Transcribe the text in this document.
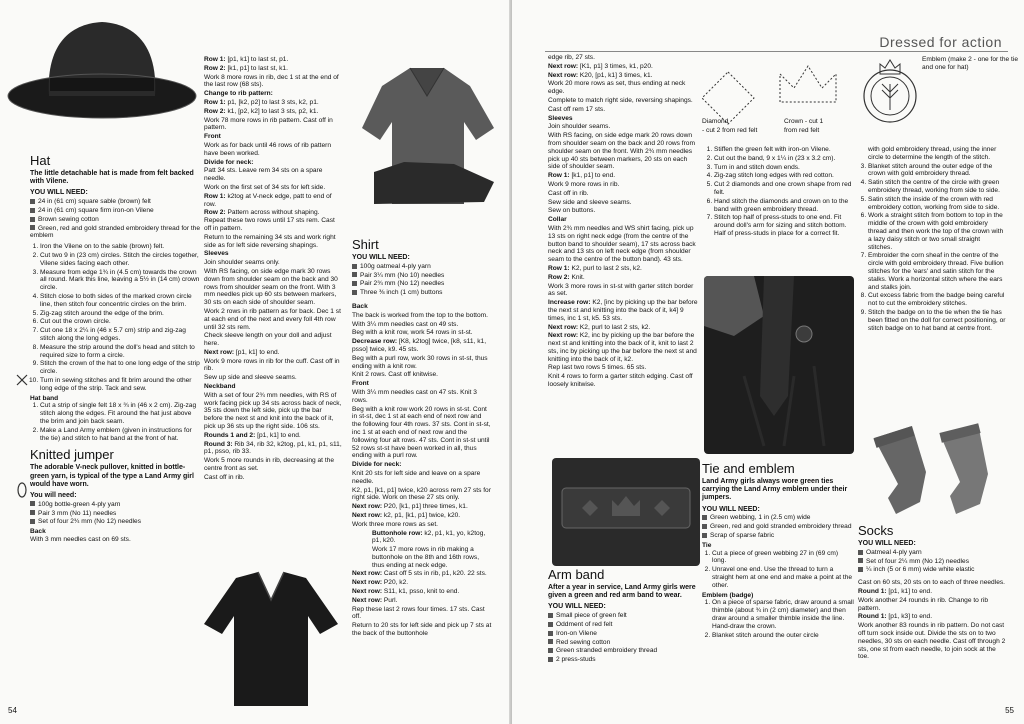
Hat
The little detachable hat is made from felt backed with Vilene.
YOU WILL NEED:

24 in (61 cm) square sable (brown) felt

24 in (61 cm) square firm iron-on Vilene

Brown sewing cotton

Green, red and gold stranded embroidery thread for the emblem

1. Iron the Vilene on to the sable (brown) felt.
2. Cut two 9 in (23 cm) circles. Stitch the circles together, Vilene sides facing each other.
3. Measure from edge 1¾ in (4.5 cm) towards the crown all round. Mark this line, leaving a 5½ in (14 cm) crown circle.
4. Stitch close to both sides of the marked crown circle line, then stitch four concentric circles on the brim.
5. Zig-zag stitch around the edge of the brim.
6. Cut out the crown circle.
7. Cut one 18 x 2¼ in (46 x 5.7 cm) strip and zig-zag stitch along the long edges.
8. Measure the strip around the doll's head and stitch to required size to form a circle.
9. Stitch the crown of the hat to one long edge of the strip circle.
10. Turn in sewing stitches and fit brim around the other long edge of the strip. Tack and sew.
Hat band
1. Cut a strip of single felt 18 x ¾ in (46 x 2 cm). Zig-zag stitch along the edges. Fit around the hat just above the brim and join back seam.
2. Make a Land Army emblem (given in instructions for the tie) and stitch to hat band at the front of hat.
Knitted jumper
The adorable V-neck pullover, knitted in bottle-green yarn, is typical of the type a Land Army girl would have worn.
You will need:

100g bottle-green 4-ply yarn

Pair 3 mm (No 11) needles

Set of four 2¾ mm (No 12) needles

Back

With 3 mm needles cast on 69 sts.

Row 1: [p1, k1] to last st, p1.

Row 2: [k1, p1] to last st, k1.

Work 8 more rows in rib, dec 1 st at the end of the last row (68 sts).

Change to rib pattern:

Row 1: p1, [k2, p2] to last 3 sts, k2, p1.

Row 2: k1, [p2, k2] to last 3 sts, p2, k1.

Work 78 more rows in rib pattern. Cast off in pattern.

Front

Work as for back until 46 rows of rib pattern have been worked.

Divide for neck:

Patt 34 sts. Leave rem 34 sts on a spare needle.

Work on the first set of 34 sts for left side.

Row 1: k2tog at V-neck edge, patt to end of row.

Row 2: Pattern across without shaping. Repeat these two rows until 17 sts rem. Cast off in pattern.

Return to the remaining 34 sts and work right side as for left side reversing shapings.

Sleeves

Join shoulder seams only.

With RS facing, on side edge mark 30 rows down from shoulder seam on the back and 30 rows from shoulder seam on the front. With 3 mm needles pick up 60 sts between markers, 30 sts on each side of shoulder seam.

Work 2 rows in rib pattern as for back. Dec 1 st at each end of the next and every foll 4th row until 32 sts rem.

Check sleeve length on your doll and adjust here.

Next row: [p1, k1] to end.

Work 9 more rows in rib for the cuff. Cast off in rib.

Sew up side and sleeve seams.

Neckband

With a set of four 2¾ mm needles, with RS of work facing pick up 34 sts across back of neck, 35 sts down the left side, pick up the bar before the next st and knit into the back of it, pick up 36 sts up the right side. 106 sts.

Rounds 1 and 2: [p1, k1] to end.

Round 3: Rib 34, rib 32, k2tog, p1, k1, p1, s11, p1, psso, rib 33.

Work 5 more rounds in rib, decreasing at the centre front as set.

Cast off in rib.

Shirt
YOU WILL NEED:

100g oatmeal 4-ply yarn

Pair 3¼ mm (No 10) needles

Pair 2¾ mm (No 12) needles

Three ⅜ inch (1 cm) buttons

Back

The back is worked from the top to the bottom.

With 3¼ mm needles cast on 49 sts.

Beg with a knit row, work 54 rows in st-st.

Decrease row: [K8, k2tog] twice, [k8, s11, k1, psso] twice, k9. 45 sts.

Beg with a purl row, work 30 rows in st-st, thus ending with a knit row.

Knit 2 rows. Cast off knitwise.

Front

With 3¼ mm needles cast on 47 sts. Knit 3 rows.

Beg with a knit row work 20 rows in st-st. Cont in st-st, dec 1 st at each end of next row and the following four 4th rows. 37 sts. Cont in st-st, inc 1 st at each end of next row and the following four alt rows. 47 sts. Cont in st-st until 52 rows st-st have been worked in all, thus ending with a purl row.

Divide for neck:

Knit 20 sts for left side and leave on a spare needle.

K2, p1, [k1, p1] twice, k20 across rem 27 sts for right side. Work on these 27 sts only.

Next row: P20, [k1, p1] three times, k1.

Next row: k2, p1, [k1, p1] twice, k20.

Work three more rows as set.

Buttonhole row: k2, p1, k1, yo, k2tog, p1, k20.

Work 17 more rows in rib making a buttonhole on the 8th and 16th rows, thus ending at neck edge.

Next row: Cast off 5 sts in rib, p1, k20. 22 sts.

Next row: P20, k2.

Next row: S11, k1, psso, knit to end.

Next row: Purl.

Rep these last 2 rows four times. 17 sts. Cast off.

Return to 20 sts for left side and pick up 7 sts at the back of the buttonhole

54
Dressed for action

edge rib, 27 sts.

Next row: [K1, p1] 3 times, k1, p20.

Next row: K20, [p1, k1] 3 times, k1.

Work 20 more rows as set, thus ending at neck edge.

Complete to match right side, reversing shapings.

Cast off rem 17 sts.

Sleeves

Join shoulder seams.

With RS facing, on side edge mark 20 rows down from shoulder seam on the back and 20 rows from shoulder seam on the front. With 2¾ mm needles pick up 40 sts between markers, 20 sts on each side of shoulder seam.

Row 1: [k1, p1] to end.

Work 9 more rows in rib.

Cast off in rib.

Sew side and sleeve seams.

Sew on buttons.

Collar

With 2¾ mm needles and WS shirt facing, pick up 13 sts on right neck edge (from the centre of the button band to shoulder seam), 17 sts across back neck and 13 sts on left neck edge (from shoulder seam to the centre of the button band). 43 sts.

Row 1: K2, purl to last 2 sts, k2.

Row 2: Knit.

Work 3 more rows in st-st with garter stitch border as set.

Increase row: K2, [inc by picking up the bar before the next st and knitting into the back of it, k4] 9 times, inc 1 st, k5. 53 sts.

Next row: K2, purl to last 2 sts, k2.

Next row: K2, inc by picking up the bar before the next st and knitting into the back of it, knit to last 2 sts, inc by picking up the bar before the next st and knitting into the back of it, k2.

Rep last two rows 5 times. 65 sts.

Knit 4 rows to form a garter stitch edging. Cast off loosely knitwise.

Arm band
After a year in service, Land Army girls were given a green and red arm band to wear.
YOU WILL NEED:

Small piece of green felt

Oddment of red felt

Iron-on Vilene

Red sewing cotton

Green stranded embroidery thread

2 press-studs

Diamond

- cut 2 from red felt

Crown - cut 1

from red felt

Emblem (make 2 - one for the tie and one for hat)

1. Stiffen the green felt with iron-on Vilene.
2. Cut out the band, 9 x 1¼ in (23 x 3.2 cm).
3. Turn in and stitch down ends.
4. Zig-zag stitch long edges with red cotton.
5. Cut 2 diamonds and one crown shape from red felt.
6. Hand stitch the diamonds and crown on to the band with green embroidery thread.
7. Stitch top half of press-studs to one end. Fit around doll's arm for sizing and stitch bottom. Half of press-studs in place for a correct fit.
Tie and emblem
Land Army girls always wore green ties carrying the Land Army emblem under their jumpers.
YOU WILL NEED:

Green webbing, 1 in (2.5 cm) wide

Green, red and gold stranded embroidery thread

Scrap of sparse fabric

Tie
1. Cut a piece of green webbing 27 in (69 cm) long.
2. Unravel one end. Use the thread to turn a straight hem at one end and make a point at the other.
Emblem (badge)
1. On a piece of sparse fabric, draw around a small thimble (about ¾ in (2 cm) diameter) and then draw around a smaller thimble inside the line. Hand-draw the crown.
2. Blanket stitch around the outer circle

with gold embroidery thread, using the inner circle to determine the length of the stitch.

3. Blanket stitch around the outer edge of the crown with gold embroidery thread.
4. Satin stitch the centre of the circle with green embroidery thread, working from side to side.
5. Satin stitch the inside of the crown with red embroidery cotton, working from side to side.
6. Work a straight stitch from bottom to top in the middle of the crown with gold embroidery thread and then work the top of the crown with a lazy daisy stitch or two small straight stitches.
7. Embroider the corn sheaf in the centre of the circle with gold embroidery thread. Five bullion stitches for the 'ears' and satin stitch for the stalks. Work a horizontal stitch where the ears and stalks join.
8. Cut excess fabric from the badge being careful not to cut the embroidery stitches.
9. Stitch the badge on to the tie when the tie has been fitted on the doll for correct positioning, or stitch badge on to hat band at centre front.
Socks
YOU WILL NEED:

Oatmeal 4-ply yarn

Set of four 2¼ mm (No 12) needles

¼ inch (5 or 6 mm) wide white elastic

Cast on 60 sts, 20 sts on to each of three needles.

Round 1: [p1, k1] to end.

Work another 24 rounds in rib. Change to rib pattern.

Round 1: [p1, k3] to end.

Work another 83 rounds in rib pattern. Do not cast off turn sock inside out. Divide the sts on to two needles, 30 sts on each needle. Cast off through 2 sts, one st from each needle, to join sock at the toe.

55
